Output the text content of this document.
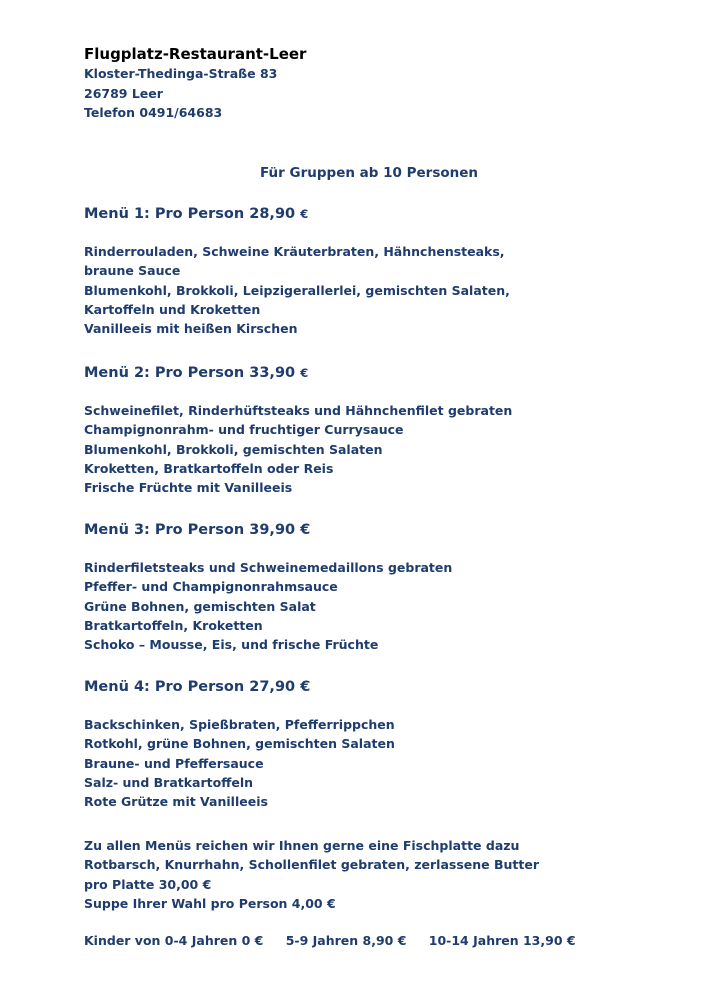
Flugplatz-Restaurant-Leer

Kloster-Thedinga-Straße 83

26789 Leer

Telefon 0491/64683

Für Gruppen ab 10 Personen

Menü 1: Pro Person 28,90 €

Rinderrouladen, Schweine Kräuterbraten, Hähnchensteaks,

braune Sauce

Blumenkohl, Brokkoli, Leipzigerallerlei, gemischten Salaten,

Kartoffeln und Kroketten

Vanilleeis mit heißen Kirschen

Menü 2: Pro Person 33,90 €

Schweinefilet, Rinderhüftsteaks und Hähnchenfilet gebraten

Champignonrahm- und fruchtiger Currysauce

Blumenkohl, Brokkoli, gemischten Salaten

Kroketten, Bratkartoffeln oder Reis

Frische Früchte mit Vanilleeis

Menü 3: Pro Person 39,90 €

Rinderfiletsteaks und Schweinemedaillons gebraten

Pfeffer- und Champignonrahmsauce

Grüne Bohnen, gemischten Salat

Bratkartoffeln, Kroketten

Schoko – Mousse, Eis, und frische Früchte

Menü 4: Pro Person 27,90 €

Backschinken, Spießbraten, Pfefferrippchen

Rotkohl, grüne Bohnen, gemischten Salaten

Braune- und Pfeffersauce

Salz- und Bratkartoffeln

Rote Grütze mit Vanilleeis

Zu allen Menüs reichen wir Ihnen gerne eine Fischplatte dazu

Rotbarsch, Knurrhahn, Schollenfilet gebraten, zerlassene Butter

pro Platte 30,00 €

Suppe Ihrer Wahl pro Person 4,00 €

Kinder von 0-4 Jahren 0 € 5-9 Jahren 8,90 € 10-14 Jahren 13,90 €
